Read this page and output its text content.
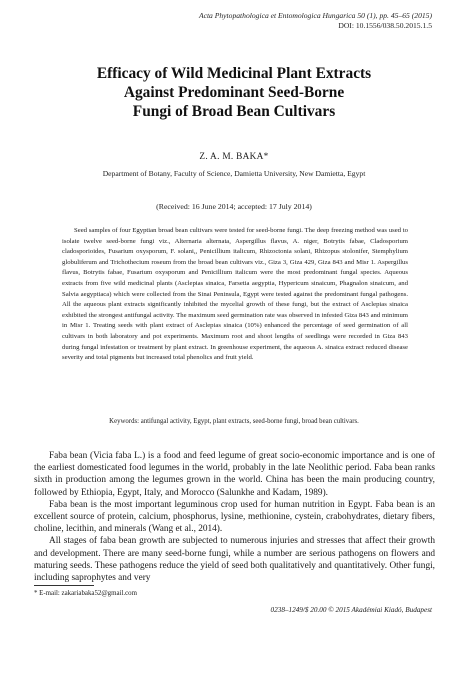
Acta Phytopathologica et Entomologica Hungarica 50 (1), pp. 45–65 (2015)
DOI: 10.1556/038.50.2015.1.5
Efficacy of Wild Medicinal Plant Extracts
Against Predominant Seed-Borne
Fungi of Broad Bean Cultivars
Z. A. M. BAKA*
Department of Botany, Faculty of Science, Damietta University, New Damietta, Egypt
(Received: 16 June 2014; accepted: 17 July 2014)

Seed samples of four Egyptian broad bean cultivars were tested for seed-borne fungi. The deep freezing method was used to isolate twelve seed-borne fungi viz., Alternaria alternata, Aspergillus flavus, A. niger, Botrytis fabae, Cladosporium cladosporioides, Fusarium oxysporum, F. solani,, Penicillium italicum, Rhizoctonia solani, Rhizopus stolonifer, Stemphylium globuliferum and Trichothecium roseum from the broad bean cultivars viz., Giza 3, Giza 429, Giza 843 and Misr 1. Aspergillus flavus, Botrytis fabae, Fusarium oxysporum and Penicillium italicum were the most predominant fungal species. Aqueous extracts from five wild medicinal plants (Asclepias sinaica, Farsetia aegyptia, Hypericum sinaicum, Phagnalon sinaicum, and Salvia aegyptiaca) which were collected from the Sinai Peninsula, Egypt were tested against the predominant fungal pathogens. All the aqueous plant extracts significantly inhibited the mycelial growth of these fungi, but the extract of Asclepias sinaica exhibited the strongest antifungal activity. The maximum seed germination rate was observed in infested Giza 843 and minimum in Misr 1. Treating seeds with plant extract of Asclepias sinaica (10%) enhanced the percentage of seed germination of all cultivars in both laboratory and pot experiments. Maximum root and shoot lengths of seedlings were recorded in Giza 843 during fungal infestation or treatment by plant extract. In greenhouse experiment, the aqueous A. sinaica extract reduced disease severity and total pigments but increased total phenolics and fruit yield.

Keywords: antifungal activity, Egypt, plant extracts, seed-borne fungi, broad bean cultivars.

Faba bean (Vicia faba L.) is a food and feed legume of great socio-economic importance and is one of the earliest domesticated food legumes in the world, probably in the late Neolithic period. Faba bean ranks sixth in production among the legumes grown in the world. China has been the main producing country, followed by Ethiopia, Egypt, Italy, and Morocco (Salunkhe and Kadam, 1989).

Faba bean is the most important leguminous crop used for human nutrition in Egypt. Faba bean is an excellent source of protein, calcium, phosphorus, lysine, methionine, cystein, crabohydrates, dietary fibers, choline, lecithin, and minerals (Wang et al., 2014).

All stages of faba bean growth are subjected to numerous injuries and stresses that affect their growth and development. There are many seed-borne fungi, while a number are serious pathogens on flowers and maturing seeds. These pathogens reduce the yield of seed both qualitatively and quantitatively. Other fungi, including saprophytes and very

* E-mail: zakariabaka52@gmail.com
0238–1249/$ 20.00 © 2015 Akadémiai Kiadó, Budapest
